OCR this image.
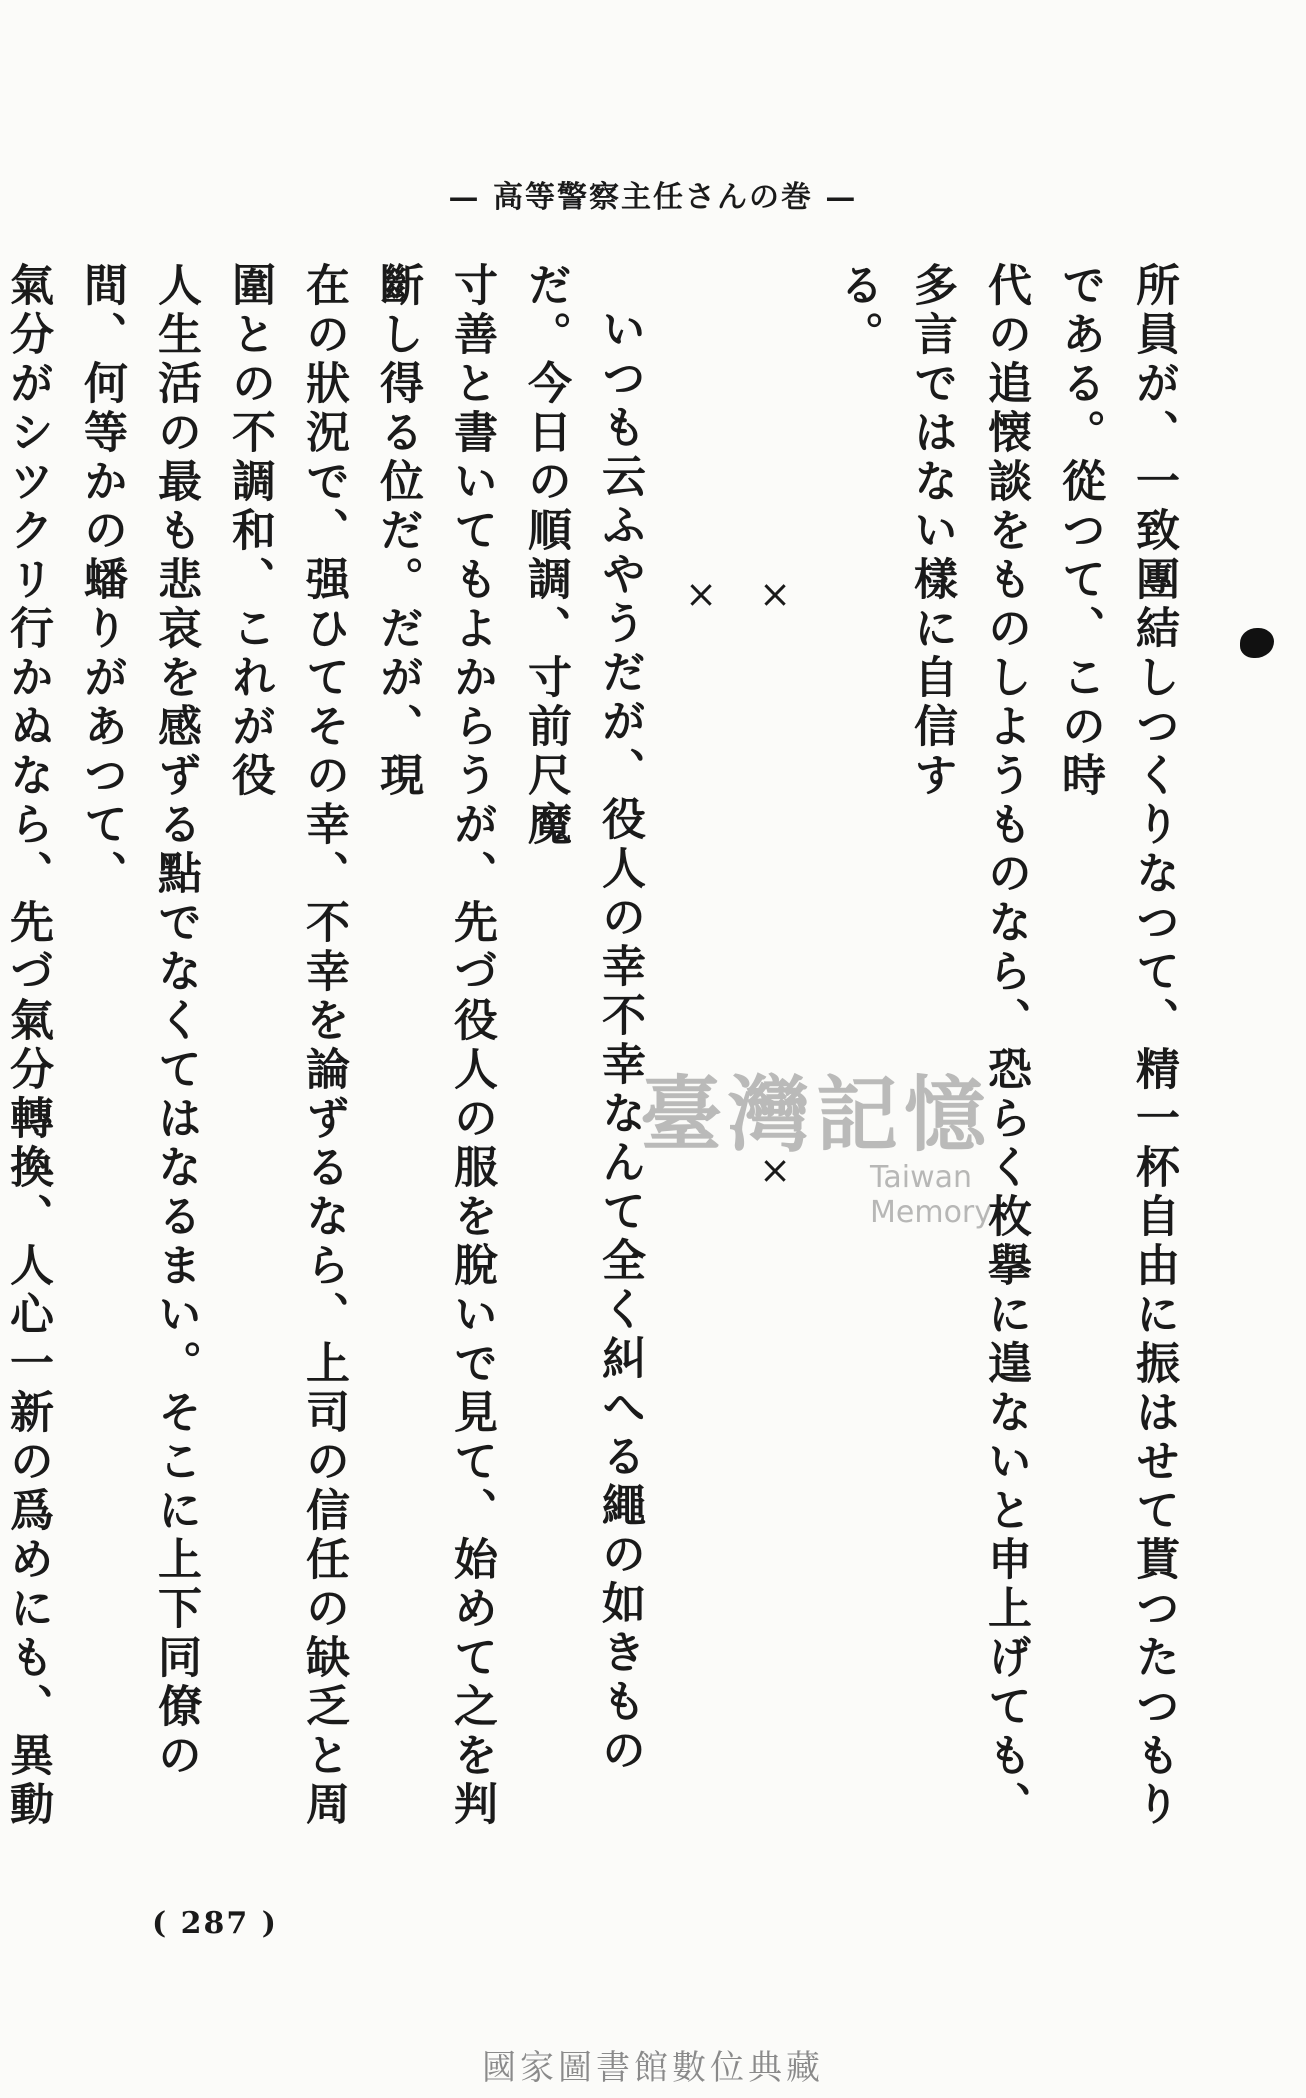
— 高等警察主任さんの巻 —

所員が、一致團結しつくりなつて、精一杯自由に振はせて貰つたつもりである。從つて、この時

代の追懐談をものしようものなら、恐らく枚擧に遑ないと申上げても、多言ではない樣に自信す

る。

× × ×

いつも云ふやうだが、役人の幸不幸なんて全く糾へる繩の如きものだ。今日の順調、寸前尺魔

寸善と書いてもよからうが、先づ役人の服を脫いで見て、始めて之を判斷し得る位だ。だが、現

在の狀況で、强ひてその幸、不幸を論ずるなら、上司の信任の缺乏と周圍との不調和、これが役

人生活の最も悲哀を感ずる點でなくてはなるまい。そこに上下同僚の間、何等かの蟠りがあつて、

氣分がシツクリ行かぬなら、先づ氣分轉換、人心一新の爲めにも、異動

臺灣記憶
Taiwan Memory
( 287 )
國家圖書館數位典藏
